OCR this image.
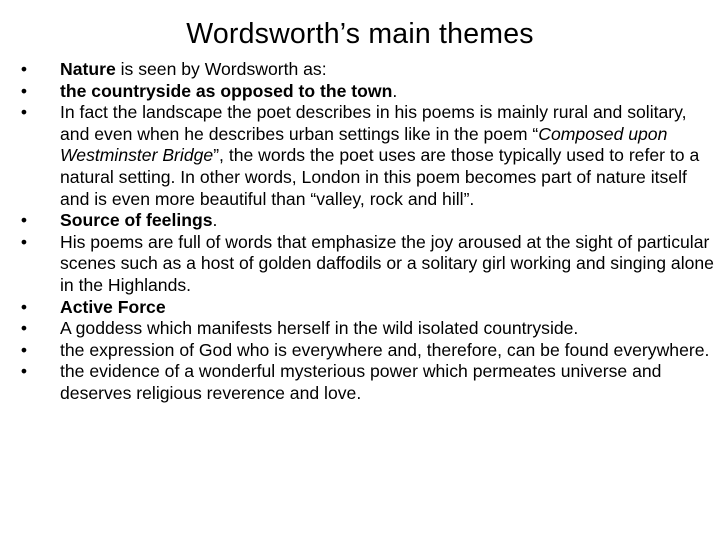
Wordsworth’s main themes
• Nature is seen by Wordsworth as:
• the countryside as opposed to the town.
• In fact the landscape the poet describes in his poems is mainly rural and solitary, and even when he describes urban settings like in the poem “Composed upon Westminster Bridge”, the words the poet uses are those typically used to refer to a natural setting. In other words, London in this poem becomes part of nature itself and is even more beautiful than “valley, rock and hill”.
• Source of feelings.
• His poems are full of words that emphasize the joy aroused at the sight of particular scenes such as a host of golden daffodils or a solitary girl working and singing alone in the Highlands.
• Active Force
• A goddess which manifests herself in the wild isolated countryside.
• the expression of God who is everywhere and, therefore, can be found everywhere.
• the evidence of a wonderful mysterious power which permeates universe and deserves religious reverence and love.
